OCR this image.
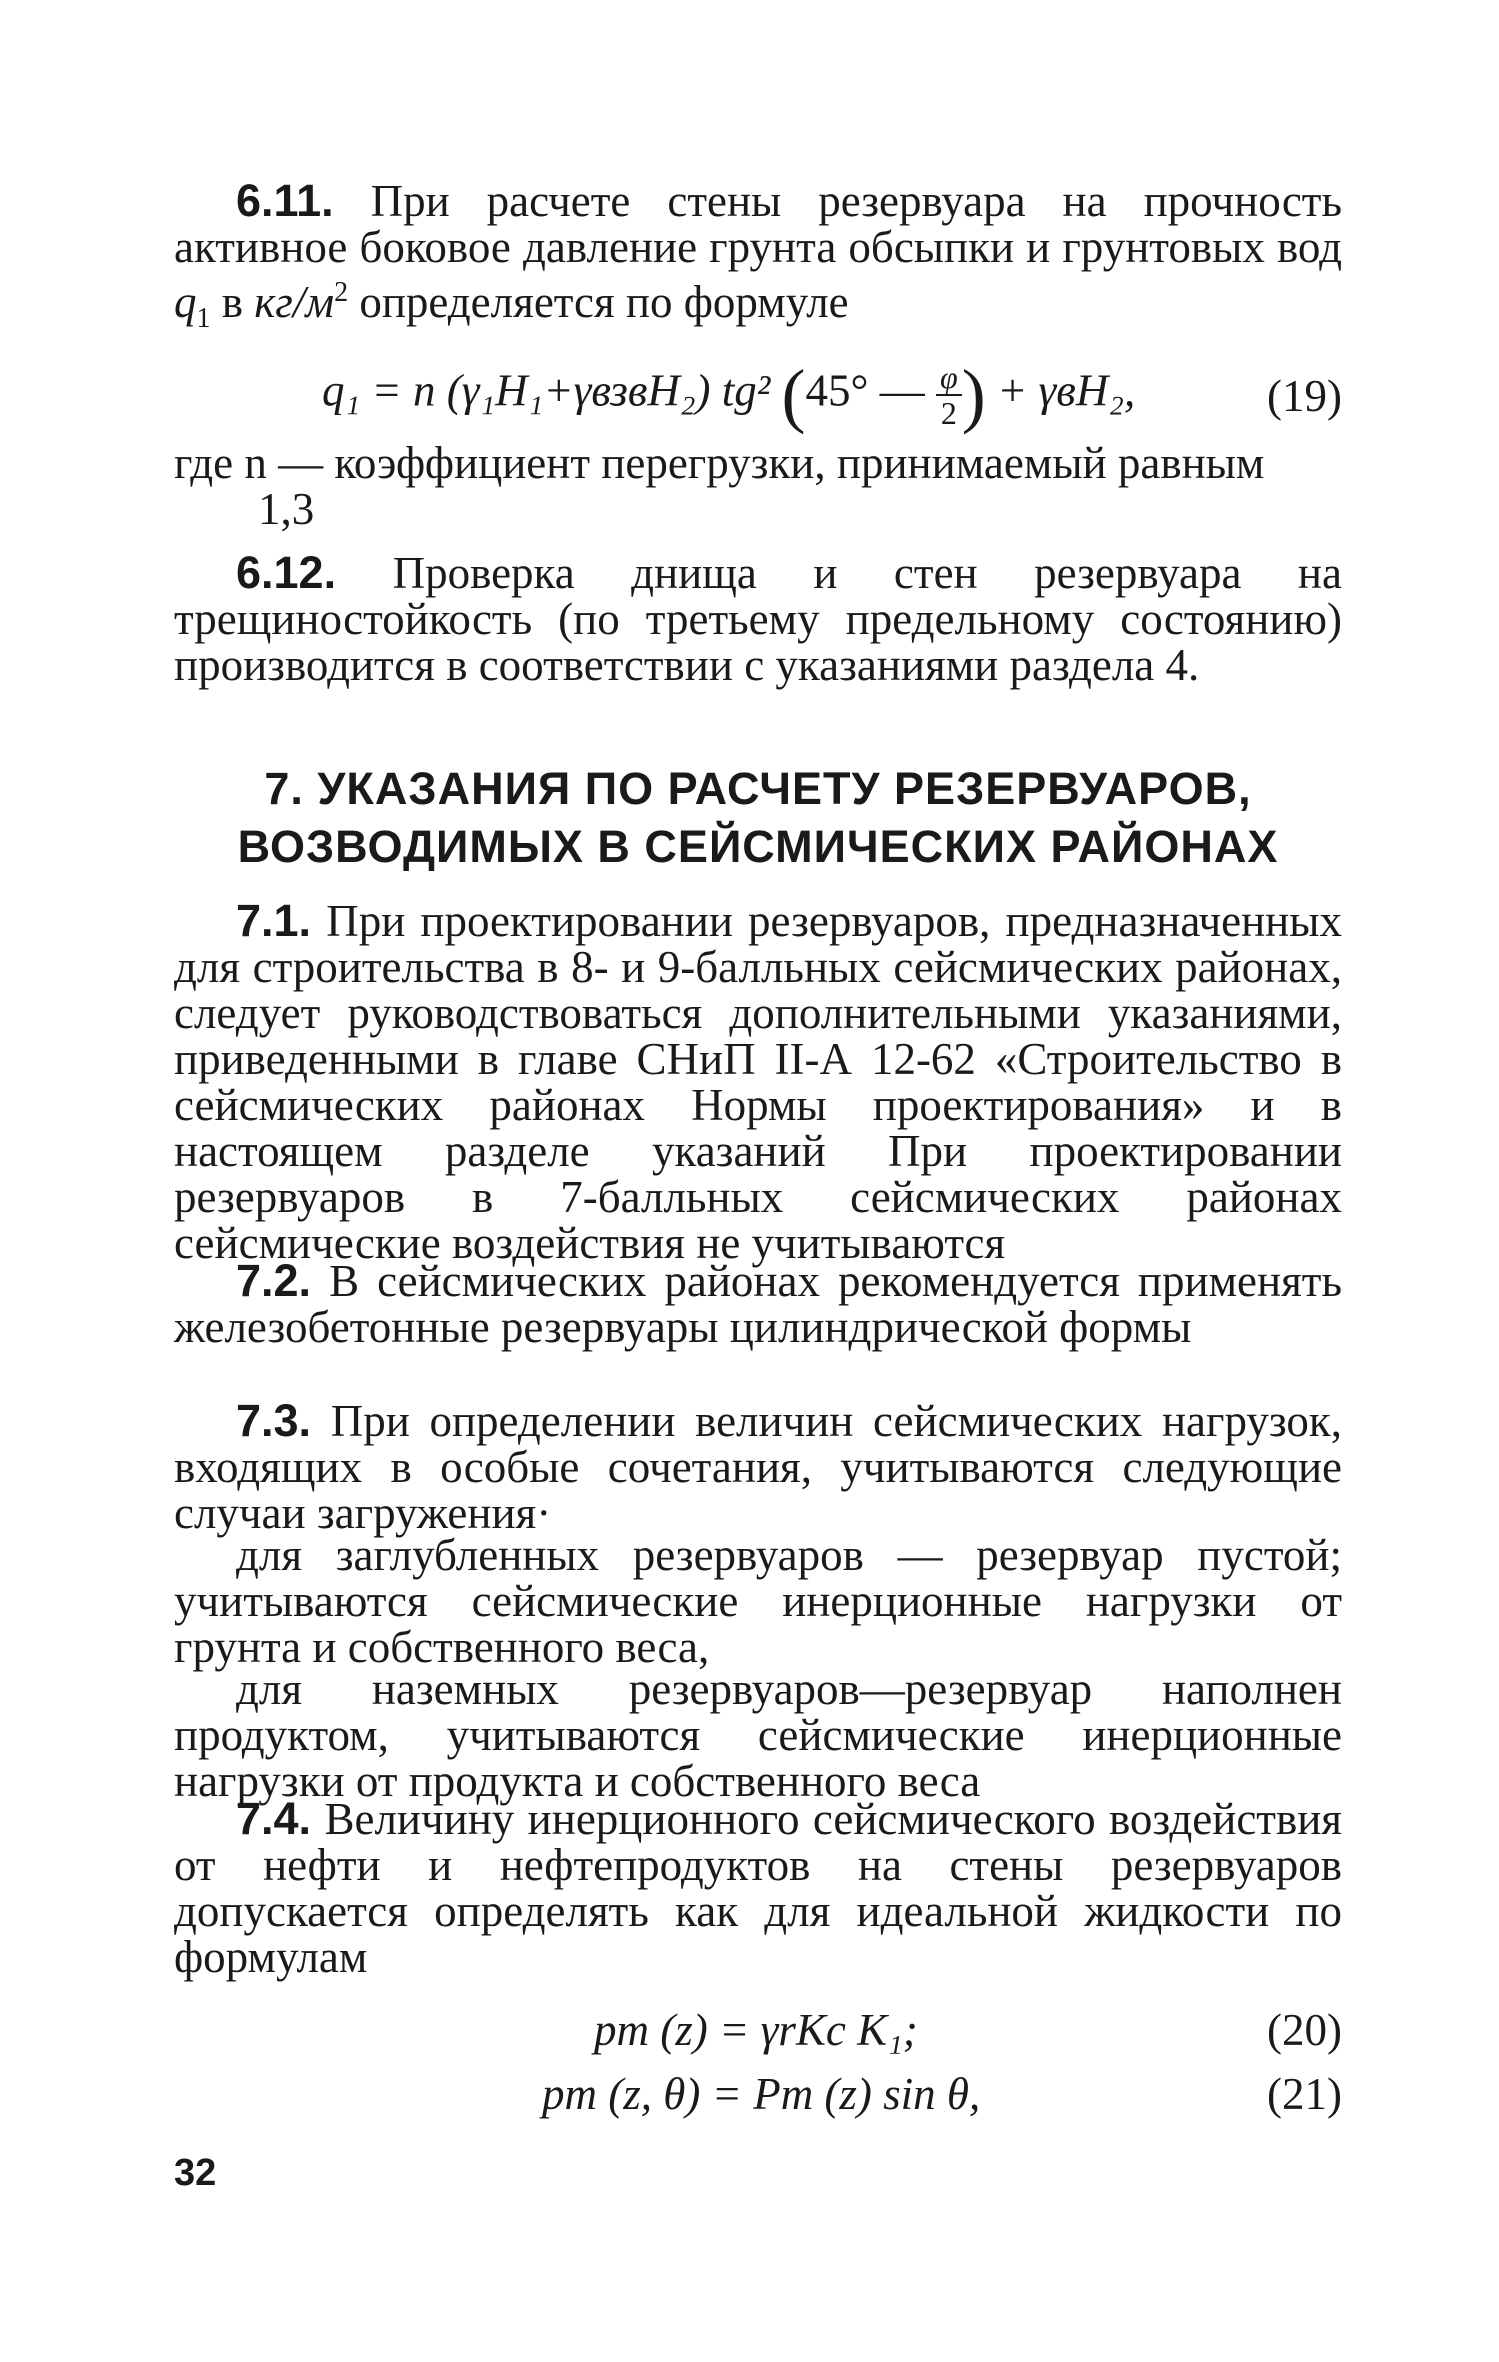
6.11. При расчете стены резервуара на прочность активное боковое давление грунта обсыпки и грунтовых вод $q_1$ в $кг/м^2$ определяется по формуле

q₁ = n (γ₁H₁+γвзвH₂) tg² (45° — $\frac{\varphi}{2}$ ) + γвH₂,	(19)

где n — коэффициент перегрузки, принимаемый равным

1,3

6.12. Проверка днища и стен резервуара на трещиностойкость (по третьему предельному состоянию) производится в соответствии с указаниями раздела 4.

7. УКАЗАНИЯ ПО РАСЧЕТУ РЕЗЕРВУАРОВ,
ВОЗВОДИМЫХ В СЕЙСМИЧЕСКИХ РАЙОНАХ

7.1. При проектировании резервуаров, предназначенных для строительства в 8- и 9-балльных сейсмических районах, следует руководствоваться дополнительными указаниями, приведенными в главе СНиП II-А 12-62 «Строительство в сейсмических районах Нормы проектирования» и в настоящем разделе указаний При проектировании резервуаров в 7-балльных сейсмических районах сейсмические воздействия не учитываются

7.2. В сейсмических районах рекомендуется применять железобетонные резервуары цилиндрической формы

7.3. При определении величин сейсмических нагрузок, входящих в особые сочетания, учитываются следующие случаи загружения·

для заглубленных резервуаров — резервуар пустой; учитываются сейсмические инерционные нагрузки от грунта и собственного веса,

для наземных резервуаров—резервуар наполнен продуктом, учитываются сейсмические инерционные нагрузки от продукта и собственного веса

7.4. Величину инерционного сейсмического воздействия от нефти и нефтепродуктов на стены резервуаров допускается определять как для идеальной жидкости по формулам

pm (z) = γrKc K₁;	(20)
pm (z, θ) = Pm (z) sin θ,	(21)
32
